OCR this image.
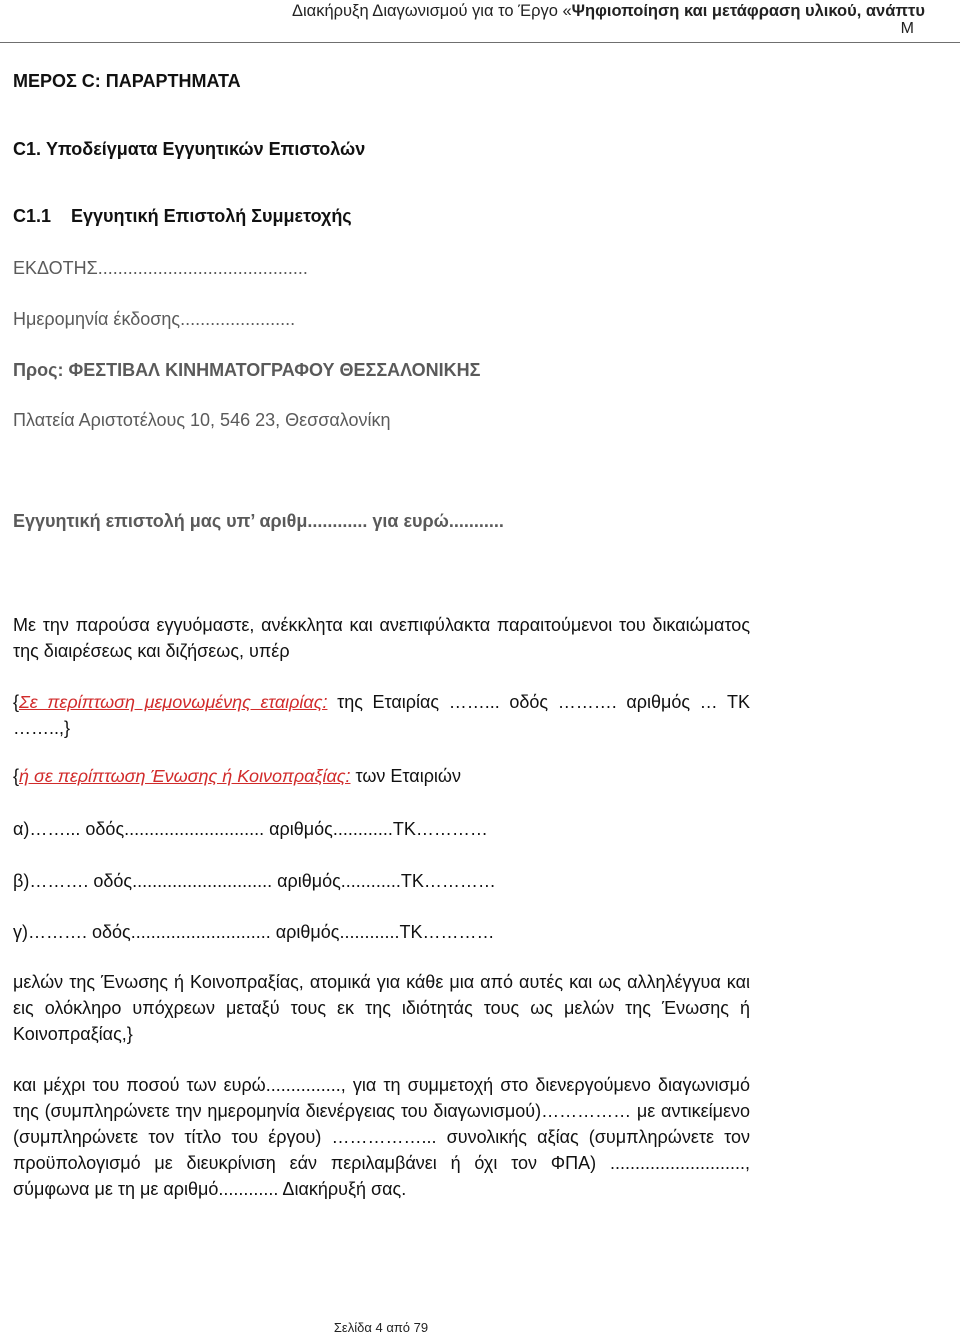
Διακήρυξη Διαγωνισμού για το Έργο «Ψηφιοποίηση και μετάφραση υλικού, ανάπτυ
Μ
ΜΕΡΟΣ C: ΠΑΡΑΡΤΗΜΑΤΑ
C1. Υποδείγματα Εγγυητικών Επιστολών
C1.1    Εγγυητική Επιστολή Συμμετοχής
ΕΚΔΟΤΗΣ..........................................
Ημερομηνία έκδοσης.......................
Προς: ΦΕΣΤΙΒΑΛ ΚΙΝΗΜΑΤΟΓΡΑΦΟΥ ΘΕΣΣΑΛΟΝΙΚΗΣ
Πλατεία Αριστοτέλους 10, 546 23, Θεσσαλονίκη
Εγγυητική επιστολή μας υπ’ αριθμ............ για ευρώ...........
Με την παρούσα εγγυόμαστε, ανέκκλητα και ανεπιφύλακτα παραιτούμενοι του δικαιώματος της διαιρέσεως και διζήσεως, υπέρ
{Σε περίπτωση μεμονωμένης εταιρίας: της Εταιρίας ……... οδός ………. αριθμός … ΤΚ ……..,}
{ή σε περίπτωση Ένωσης ή Κοινοπραξίας: των Εταιριών
α)……... οδός............................ αριθμός............ΤΚ…………
β)………. οδός............................ αριθμός............ΤΚ…………
γ)………. οδός............................ αριθμός............ΤΚ…………
μελών της Ένωσης ή Κοινοπραξίας, ατομικά για κάθε μια από αυτές και ως αλληλέγγυα και εις ολόκληρο υπόχρεων μεταξύ τους εκ της ιδιότητάς τους ως μελών της Ένωσης ή Κοινοπραξίας,}
και μέχρι του ποσού των ευρώ..............., για τη συμμετοχή στο διενεργούμενο διαγωνισμό της (συμπληρώνετε την ημερομηνία διενέργειας του διαγωνισμού)…………… με αντικείμενο (συμπληρώνετε τον τίτλο του έργου) ……………... συνολικής αξίας (συμπληρώνετε τον προϋπολογισμό με διευκρίνιση εάν περιλαμβάνει ή όχι τον ΦΠΑ) ..........................., σύμφωνα με τη με αριθμό............ Διακήρυξή σας.
Σελίδα 4 από 79
